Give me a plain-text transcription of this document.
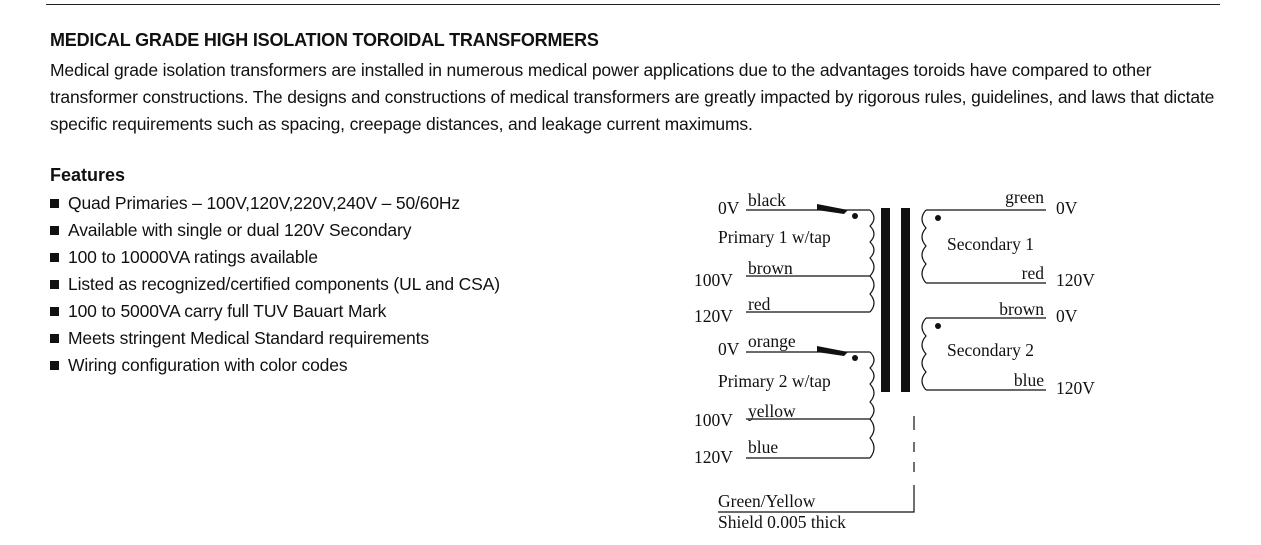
MEDICAL GRADE HIGH ISOLATION TOROIDAL TRANSFORMERS
Medical grade isolation transformers are installed in numerous medical power applications due to the advantages toroids have compared to other transformer constructions. The designs and constructions of medical transformers are greatly impacted by rigorous rules, guidelines, and laws that dictate specific requirements such as spacing, creepage distances, and leakage current maximums.
Features
Quad Primaries – 100V,120V,220V,240V – 50/60Hz
Available with single or dual 120V Secondary
100 to 10000VA ratings available
Listed as recognized/certified components (UL and CSA)
100 to 5000VA carry full TUV Bauart Mark
Meets stringent Medical Standard requirements
Wiring configuration with color codes
0V black
Primary 1 w/tap
100V
brown
120V
red
0V orange
Primary 2 w/tap
100V yellow
120V blue
green
0V
Secondary 1
red 120V
brown 0V
Secondary 2
blue 120V
Green/Yellow
Shield 0.005 thick
